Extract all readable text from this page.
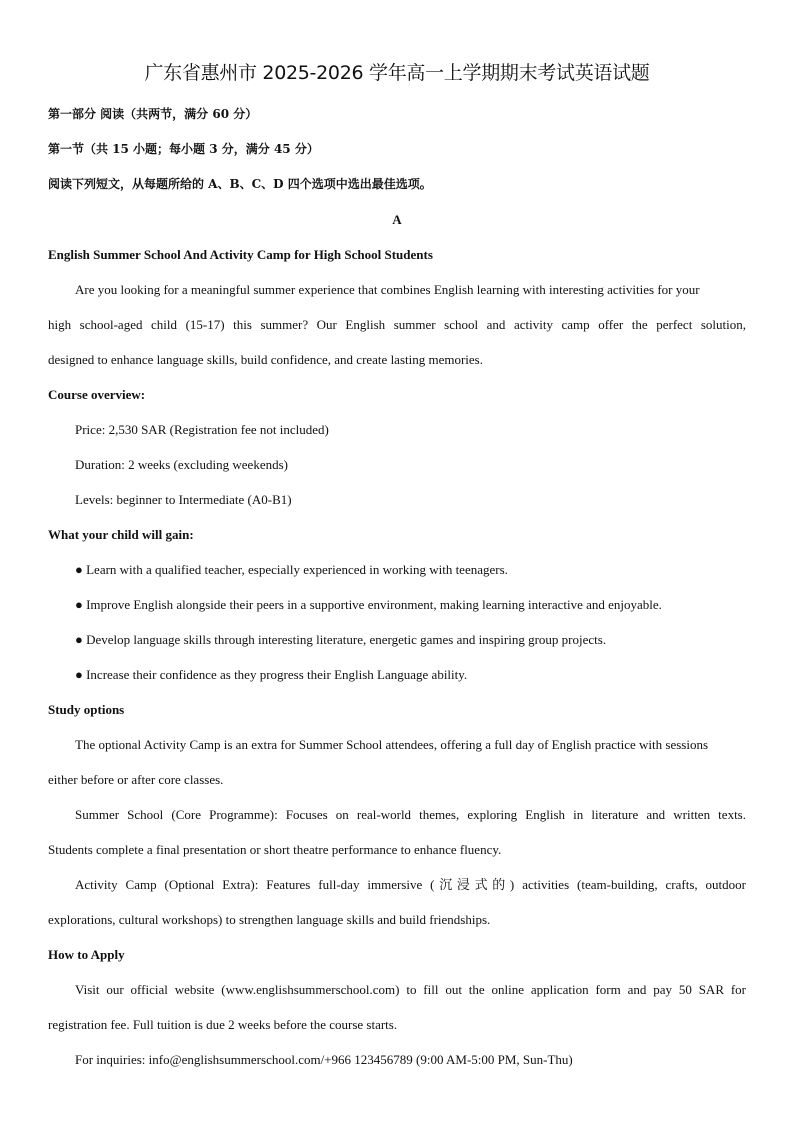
广东省惠州市 2025-2026 学年高一上学期期末考试英语试题
第一部分 阅读（共两节，满分 60 分）
第一节（共 15 小题；每小题 3 分，满分 45 分）
阅读下列短文，从每题所给的 A、B、C、D 四个选项中选出最佳选项。
A
English Summer School And Activity Camp for High School Students
Are you looking for a meaningful summer experience that combines English learning with interesting activities for your
high school-aged child (15-17) this summer? Our English summer school and activity camp offer the perfect solution,
designed to enhance language skills, build confidence, and create lasting memories.
Course overview:
Price: 2,530 SAR (Registration fee not included)
Duration: 2 weeks (excluding weekends)
Levels: beginner to Intermediate (A0-B1)
What your child will gain:
● Learn with a qualified teacher, especially experienced in working with teenagers.
● Improve English alongside their peers in a supportive environment, making learning interactive and enjoyable.
● Develop language skills through interesting literature, energetic games and inspiring group projects.
● Increase their confidence as they progress their English Language ability.
Study options
The optional Activity Camp is an extra for Summer School attendees, offering a full day of English practice with sessions
either before or after core classes.
Summer School (Core Programme): Focuses on real-world themes, exploring English in literature and written texts.
Students complete a final presentation or short theatre performance to enhance fluency.
Activity Camp (Optional Extra): Features full-day immersive (沉浸式的) activities (team-building, crafts, outdoor
explorations, cultural workshops) to strengthen language skills and build friendships.
How to Apply
Visit our official website (www.englishsummerschool.com) to fill out the online application form and pay 50 SAR for
registration fee. Full tuition is due 2 weeks before the course starts.
For inquiries: info@englishsummerschool.com/+966 123456789 (9:00 AM-5:00 PM, Sun-Thu)
